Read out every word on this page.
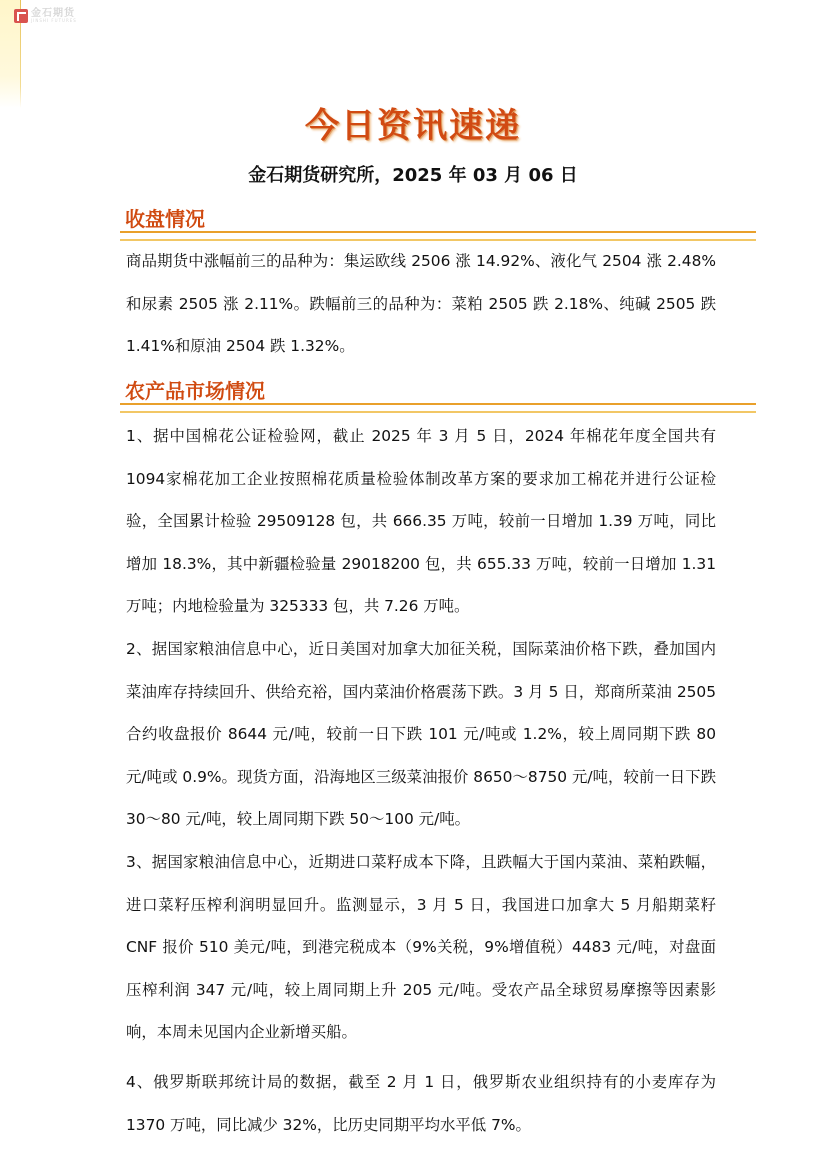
金石期货
JINSHI FUTURES
今日资讯速递
金石期货研究所，2025 年 03 月 06 日
收盘情况
商品期货中涨幅前三的品种为：集运欧线 2506 涨 14.92%、液化气 2504 涨 2.48%和尿素 2505 涨 2.11%。跌幅前三的品种为：菜粕 2505 跌 2.18%、纯碱 2505 跌 1.41%和原油 2504 跌 1.32%。
农产品市场情况
1、据中国棉花公证检验网，截止 2025 年 3 月 5 日，2024 年棉花年度全国共有1094家棉花加工企业按照棉花质量检验体制改革方案的要求加工棉花并进行公证检验，全国累计检验 29509128 包，共 666.35 万吨，较前一日增加 1.39 万吨，同比增加 18.3%，其中新疆检验量 29018200 包，共 655.33 万吨，较前一日增加 1.31 万吨；内地检验量为 325333 包，共 7.26 万吨。
2、据国家粮油信息中心，近日美国对加拿大加征关税，国际菜油价格下跌，叠加国内菜油库存持续回升、供给充裕，国内菜油价格震荡下跌。3 月 5 日，郑商所菜油 2505 合约收盘报价 8644 元/吨，较前一日下跌 101 元/吨或 1.2%，较上周同期下跌 80 元/吨或 0.9%。现货方面，沿海地区三级菜油报价 8650～8750 元/吨，较前一日下跌 30～80 元/吨，较上周同期下跌 50～100 元/吨。
3、据国家粮油信息中心，近期进口菜籽成本下降，且跌幅大于国内菜油、菜粕跌幅，进口菜籽压榨利润明显回升。监测显示，3 月 5 日，我国进口加拿大 5 月船期菜籽 CNF 报价 510 美元/吨，到港完税成本（9%关税，9%增值税）4483 元/吨，对盘面压榨利润 347 元/吨，较上周同期上升 205 元/吨。受农产品全球贸易摩擦等因素影响，本周未见国内企业新增买船。
4、俄罗斯联邦统计局的数据，截至 2 月 1 日，俄罗斯农业组织持有的小麦库存为 1370 万吨，同比减少 32%，比历史同期平均水平低 7%。
